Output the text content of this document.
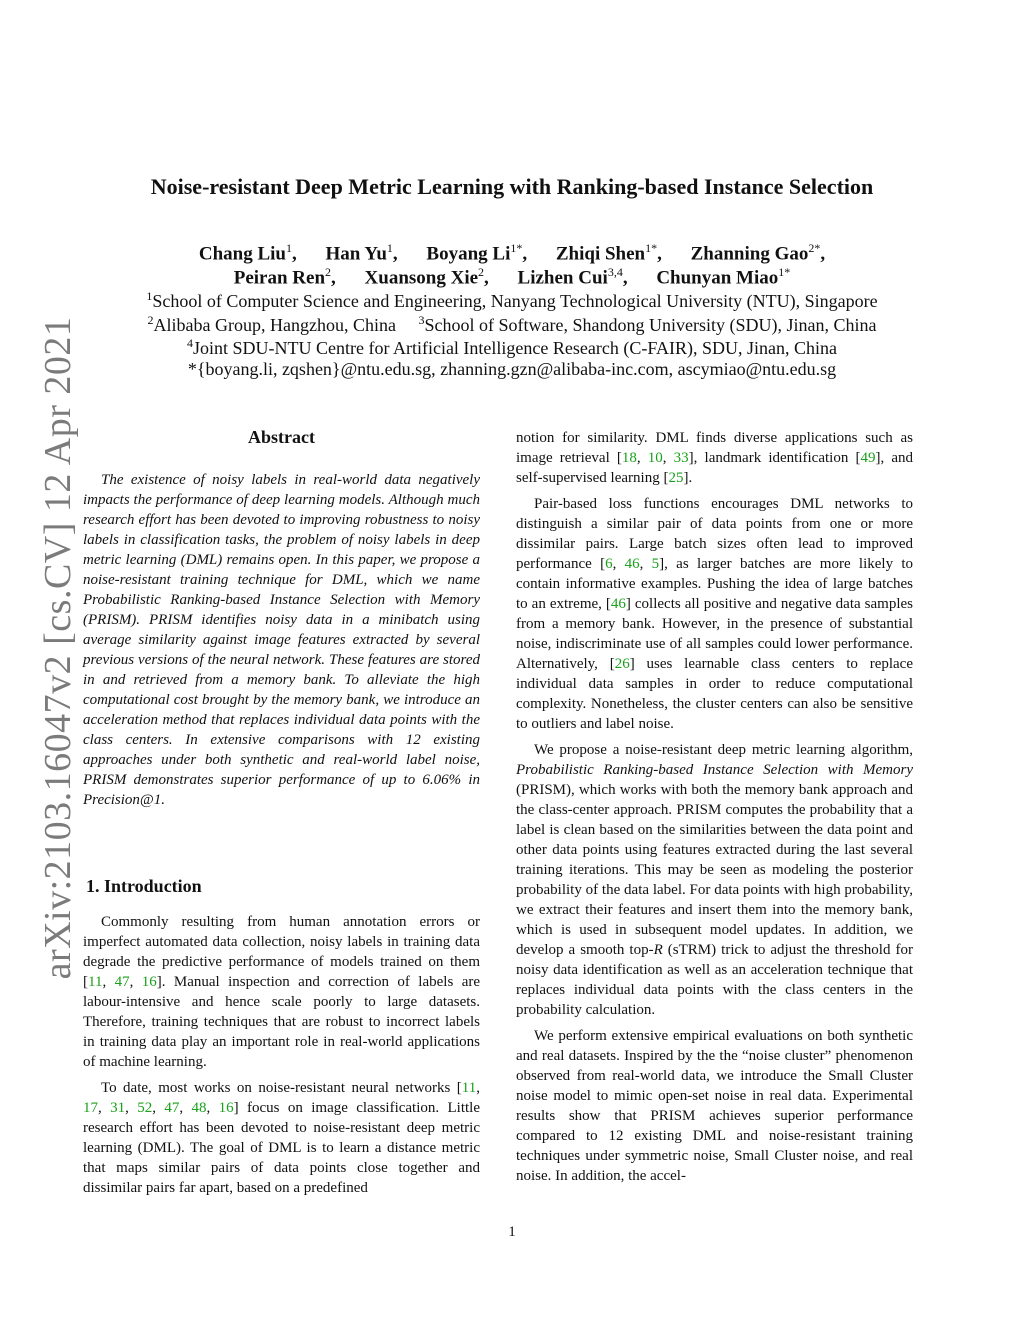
arXiv:2103.16047v2 [cs.CV] 12 Apr 2021
Noise-resistant Deep Metric Learning with Ranking-based Instance Selection
Chang Liu$^1$, Han Yu$^1$, Boyang $Li^{1*}$, Zhiqi Shen$^{1*}$, Zhanning Gao$^{2*}$,
Peiran Ren$^2$, Xuansong Xie$^2$, Lizhen Cui$^{3,4}$, Chunyan Miao$^{1*}$
$^1$School of Computer Science and Engineering, Nanyang Technological University (NTU), Singapore
$^2$Alibaba Group, Hangzhou, China $^3$School of Software, Shandong University (SDU), Jinan, China
$^4$Joint SDU-NTU Centre for Artificial Intelligence Research (C-FAIR), SDU, Jinan, China
*{boyang.li, zqshen}@ntu.edu.sg, zhanning.gzn@alibaba-inc.com, ascymiao@ntu.edu.sg
Abstract

The existence of noisy labels in real-world data negatively impacts the performance of deep learning models. Although much research effort has been devoted to improving robustness to noisy labels in classification tasks, the problem of noisy labels in deep metric learning (DML) remains open. In this paper, we propose a noise-resistant training technique for DML, which we name Probabilistic Ranking-based Instance Selection with Memory (PRISM). PRISM identifies noisy data in a minibatch using average similarity against image features extracted by several previous versions of the neural network. These features are stored in and retrieved from a memory bank. To alleviate the high computational cost brought by the memory bank, we introduce an acceleration method that replaces individual data points with the class centers. In extensive comparisons with 12 existing approaches under both synthetic and real-world label noise, PRISM demonstrates superior performance of up to 6.06% in Precision@1.

1. Introduction

Commonly resulting from human annotation errors or imperfect automated data collection, noisy labels in training data degrade the predictive performance of models trained on them [11, 47, 16]. Manual inspection and correction of labels are labour-intensive and hence scale poorly to large datasets. Therefore, training techniques that are robust to incorrect labels in training data play an important role in real-world applications of machine learning.

To date, most works on noise-resistant neural networks [11, 17, 31, 52, 47, 48, 16] focus on image classification. Little research effort has been devoted to noise-resistant deep metric learning (DML). The goal of DML is to learn a distance metric that maps similar pairs of data points close together and dissimilar pairs far apart, based on a predefined

notion for similarity. DML finds diverse applications such as image retrieval [18, 10, 33], landmark identification [49], and self-supervised learning [25].

Pair-based loss functions encourages DML networks to distinguish a similar pair of data points from one or more dissimilar pairs. Large batch sizes often lead to improved performance [6, 46, 5], as larger batches are more likely to contain informative examples. Pushing the idea of large batches to an extreme, [46] collects all positive and negative data samples from a memory bank. However, in the presence of substantial noise, indiscriminate use of all samples could lower performance. Alternatively, [26] uses learnable class centers to replace individual data samples in order to reduce computational complexity. Nonetheless, the cluster centers can also be sensitive to outliers and label noise.

We propose a noise-resistant deep metric learning algorithm, Probabilistic Ranking-based Instance Selection with Memory (PRISM), which works with both the memory bank approach and the class-center approach. PRISM computes the probability that a label is clean based on the similarities between the data point and other data points using features extracted during the last several training iterations. This may be seen as modeling the posterior probability of the data label. For data points with high probability, we extract their features and insert them into the memory bank, which is used in subsequent model updates. In addition, we develop a smooth top-R (sTRM) trick to adjust the threshold for noisy data identification as well as an acceleration technique that replaces individual data points with the class centers in the probability calculation.

We perform extensive empirical evaluations on both synthetic and real datasets. Inspired by the the “noise cluster” phenomenon observed from real-world data, we introduce the Small Cluster noise model to mimic open-set noise in real data. Experimental results show that PRISM achieves superior performance compared to 12 existing DML and noise-resistant training techniques under symmetric noise, Small Cluster noise, and real noise. In addition, the accel-

1
